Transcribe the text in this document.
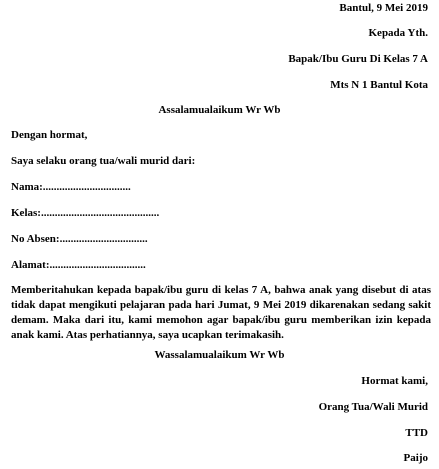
Bantul, 9 Mei 2019
Kepada Yth.
Bapak/Ibu Guru Di Kelas 7 A
Mts N 1 Bantul Kota
Assalamualaikum Wr Wb
Dengan hormat,
Saya selaku orang tua/wali murid dari:
Nama:................................
Kelas:...........................................
No Absen:................................
Alamat:...................................
Memberitahukan kepada bapak/ibu guru di kelas 7 A, bahwa anak yang disebut di atas tidak dapat mengikuti pelajaran pada hari Jumat, 9 Mei 2019 dikarenakan sedang sakit demam. Maka dari itu, kami memohon agar bapak/ibu guru memberikan izin kepada anak kami. Atas perhatiannya, saya ucapkan terimakasih.
Wassalamualaikum Wr Wb
Hormat kami,
Orang Tua/Wali Murid
TTD
Paijo
